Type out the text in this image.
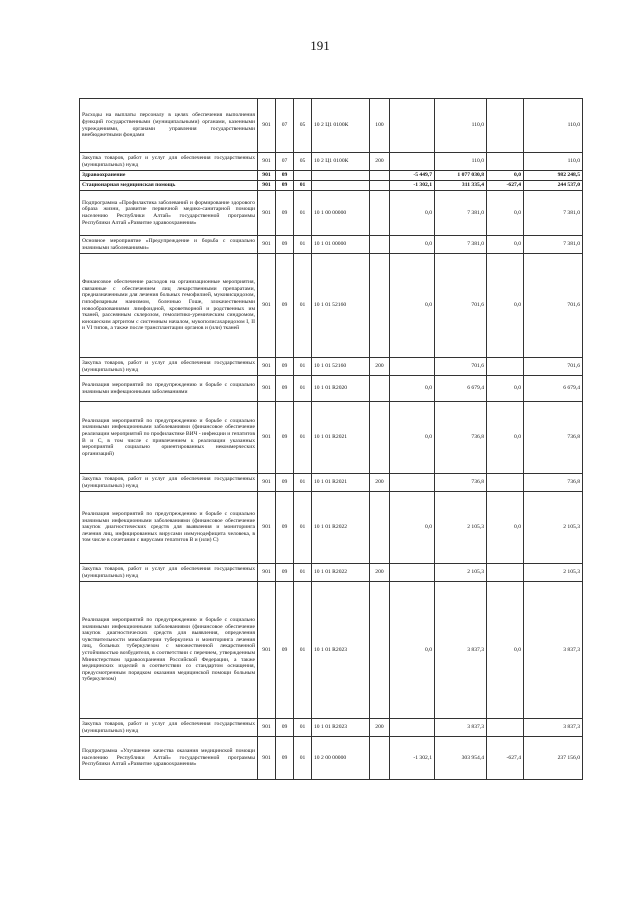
191
Расходы на выплаты персоналу в целях обеспечения выполнения функций государственными (муниципальными) органами, казенными учреждениями, органами управления государственными внебюджетными фондами	901	07	05	10 2 Ц1 0100К	100		110,0		110,0
Закупка товаров, работ и услуг для обеспечения государственных (муниципальных) нужд	901	07	05	10 2 Ц1 0100К	200		110,0		110,0
Здравоохранение	901	09				-5 449,7	1 077 030,8	0,0	982 248,5
Стационарная медицинская помощь	901	09	01			-1 302,1	311 335,4	-627,4	244 537,0
Подпрограмма «Профилактика заболеваний и формирование здорового образа жизни, развитие первичной медико-санитарной помощи населению Республики Алтай» государственной программы Республики Алтай «Развитие здравоохранения»	901	09	01	10 1 00 00000		0,0	7 381,0	0,0	7 381,0
Основное мероприятие «Предупреждение и борьба с социально значимыми заболеваниями»	901	09	01	10 1 01 00000		0,0	7 381,0	0,0	7 381,0
Финансовое обеспечение расходов на организационные мероприятия, связанные с обеспечением лиц лекарственными препаратами, предназначенными для лечения больных гемофилией, муковисцидозом, гипофизарным нанизмом, болезнью Гоше, злокачественными новообразованиями лимфоидной, кроветворной и родственных им тканей, рассеянным склерозом, гемолитико-уремическим синдромом, юношеским артритом с системным началом, мукополисахаридозом I, II и VI типов, а также после трансплантации органов и (или) тканей	901	09	01	10 1 01 52160		0,0	701,6	0,0	701,6
Закупка товаров, работ и услуг для обеспечения государственных (муниципальных) нужд	901	09	01	10 1 01 52160	200		701,6		701,6
Реализация мероприятий по предупреждению и борьбе с социально значимыми инфекционными заболеваниями	901	09	01	10 1 01 R2020		0,0	6 679,4	0,0	6 679,4
Реализация мероприятий по предупреждению и борьбе с социально значимыми инфекционными заболеваниями (финансовое обеспечение реализации мероприятий по профилактике ВИЧ - инфекции и гепатитов В и С, в том числе с привлечением к реализации указанных мероприятий социально ориентированных некоммерческих организаций)	901	09	01	10 1 01 R2021		0,0	736,8	0,0	736,8
Закупка товаров, работ и услуг для обеспечения государственных (муниципальных) нужд	901	09	01	10 1 01 R2021	200		736,8		736,8
Реализация мероприятий по предупреждению и борьбе с социально значимыми инфекционными заболеваниями (финансовое обеспечение закупок диагностических средств для выявления и мониторинга лечения лиц, инфицированных вирусами иммунодефицита человека, в том числе в сочетании с вирусами гепатитов В и (или) С)	901	09	01	10 1 01 R2022		0,0	2 105,3	0,0	2 105,3
Закупка товаров, работ и услуг для обеспечения государственных (муниципальных) нужд	901	09	01	10 1 01 R2022	200		2 105,3		2 105,3
Реализация мероприятий по предупреждению и борьбе с социально значимыми инфекционными заболеваниями (финансовое обеспечение закупок диагностических средств для выявления, определения чувствительности микобактерии туберкулеза и мониторинга лечения лиц, больных туберкулезом с множественной лекарственной устойчивостью возбудителя, в соответствии с перечнем, утвержденным Министерством здравоохранения Российской Федерации, а также медицинских изделий в соответствии со стандартом оснащения, предусмотренным порядком оказания медицинской помощи больным туберкулезом)	901	09	01	10 1 01 R2023		0,0	3 837,3	0,0	3 837,3
Закупка товаров, работ и услуг для обеспечения государственных (муниципальных) нужд	901	09	01	10 1 01 R2023	200		3 837,3		3 837,3
Подпрограмма «Улучшение качества оказания медицинской помощи населению Республики Алтай» государственной программы Республики Алтай «Развитие здравоохранения»	901	09	01	10 2 00 00000		-1 302,1	303 954,4	-627,4	237 156,0
